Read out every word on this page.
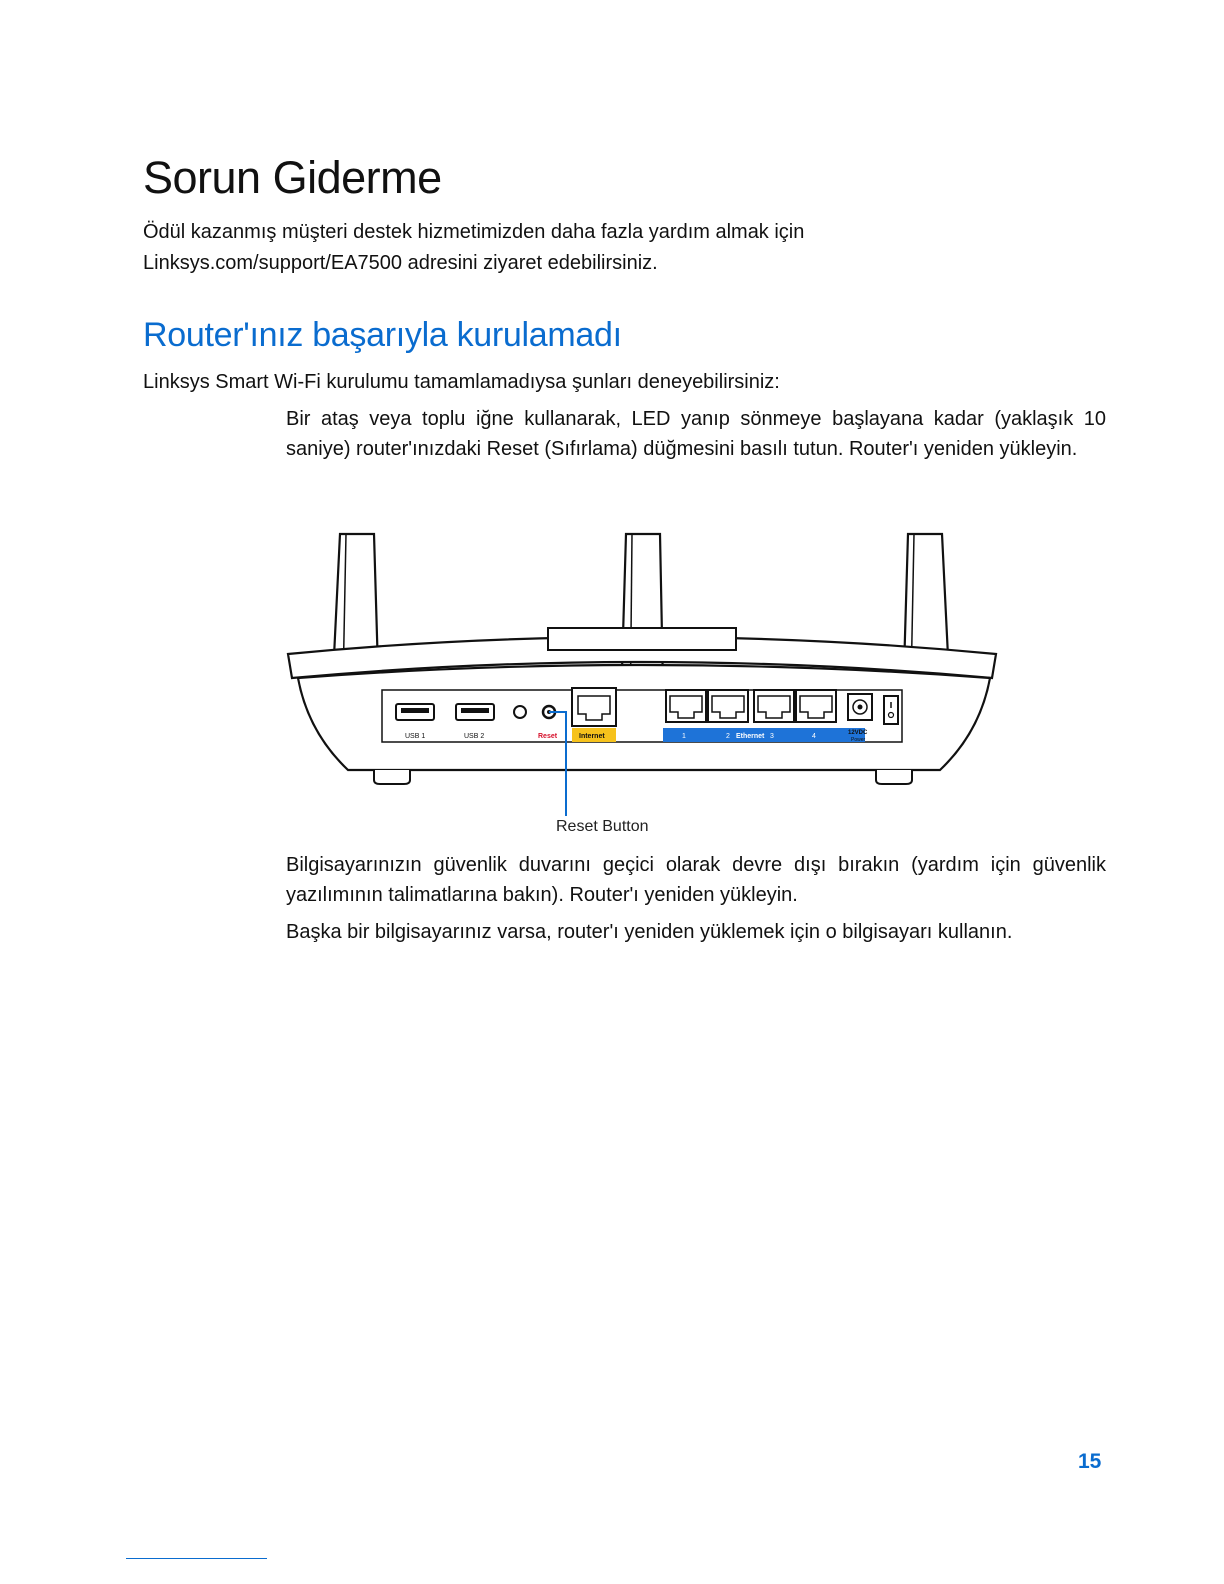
Sorun Giderme

Ödül kazanmış müşteri destek hizmetimizden daha fazla yardım almak için Linksys.com/support/EA7500 adresini ziyaret edebilirsiniz.

Router'ınız başarıyla kurulamadı

Linksys Smart Wi-Fi kurulumu tamamlamadıysa şunları deneyebilirsiniz:

Bir ataş veya toplu iğne kullanarak, LED yanıp sönmeye başlayana kadar (yaklaşık 10 saniye) router'ınızdaki Reset (Sıfırlama) düğmesini basılı tutun. Router'ı yeniden yükleyin.

USB 1	USB 2	Reset	Internet	1	2 Ethernet 3	4	12VDC
Power
Reset Button

Bilgisayarınızın güvenlik duvarını geçici olarak devre dışı bırakın (yardım için güvenlik yazılımının talimatlarına bakın). Router'ı yeniden yükleyin.

Başka bir bilgisayarınız varsa, router'ı yeniden yüklemek için o bilgisayarı kullanın.

15
